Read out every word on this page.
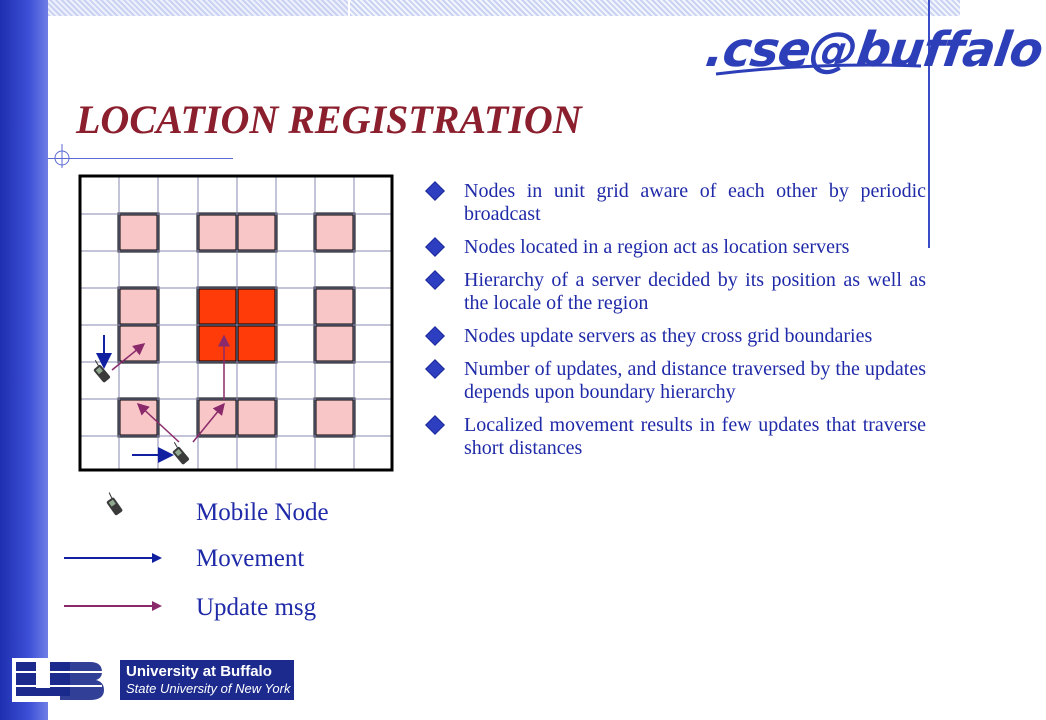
.cse@buffalo
LOCATION REGISTRATION
Nodes in unit grid aware of each other by periodic broadcast
Nodes located in a region act as location servers
Hierarchy of a server decided by its position as well as the locale of the region
Nodes update servers as they cross grid boundaries
Number of updates, and distance traversed by the updates depends upon boundary hierarchy
Localized movement results in few updates that traverse short distances
Mobile Node
Movement
Update msg
University at Buffalo
State University of New York
